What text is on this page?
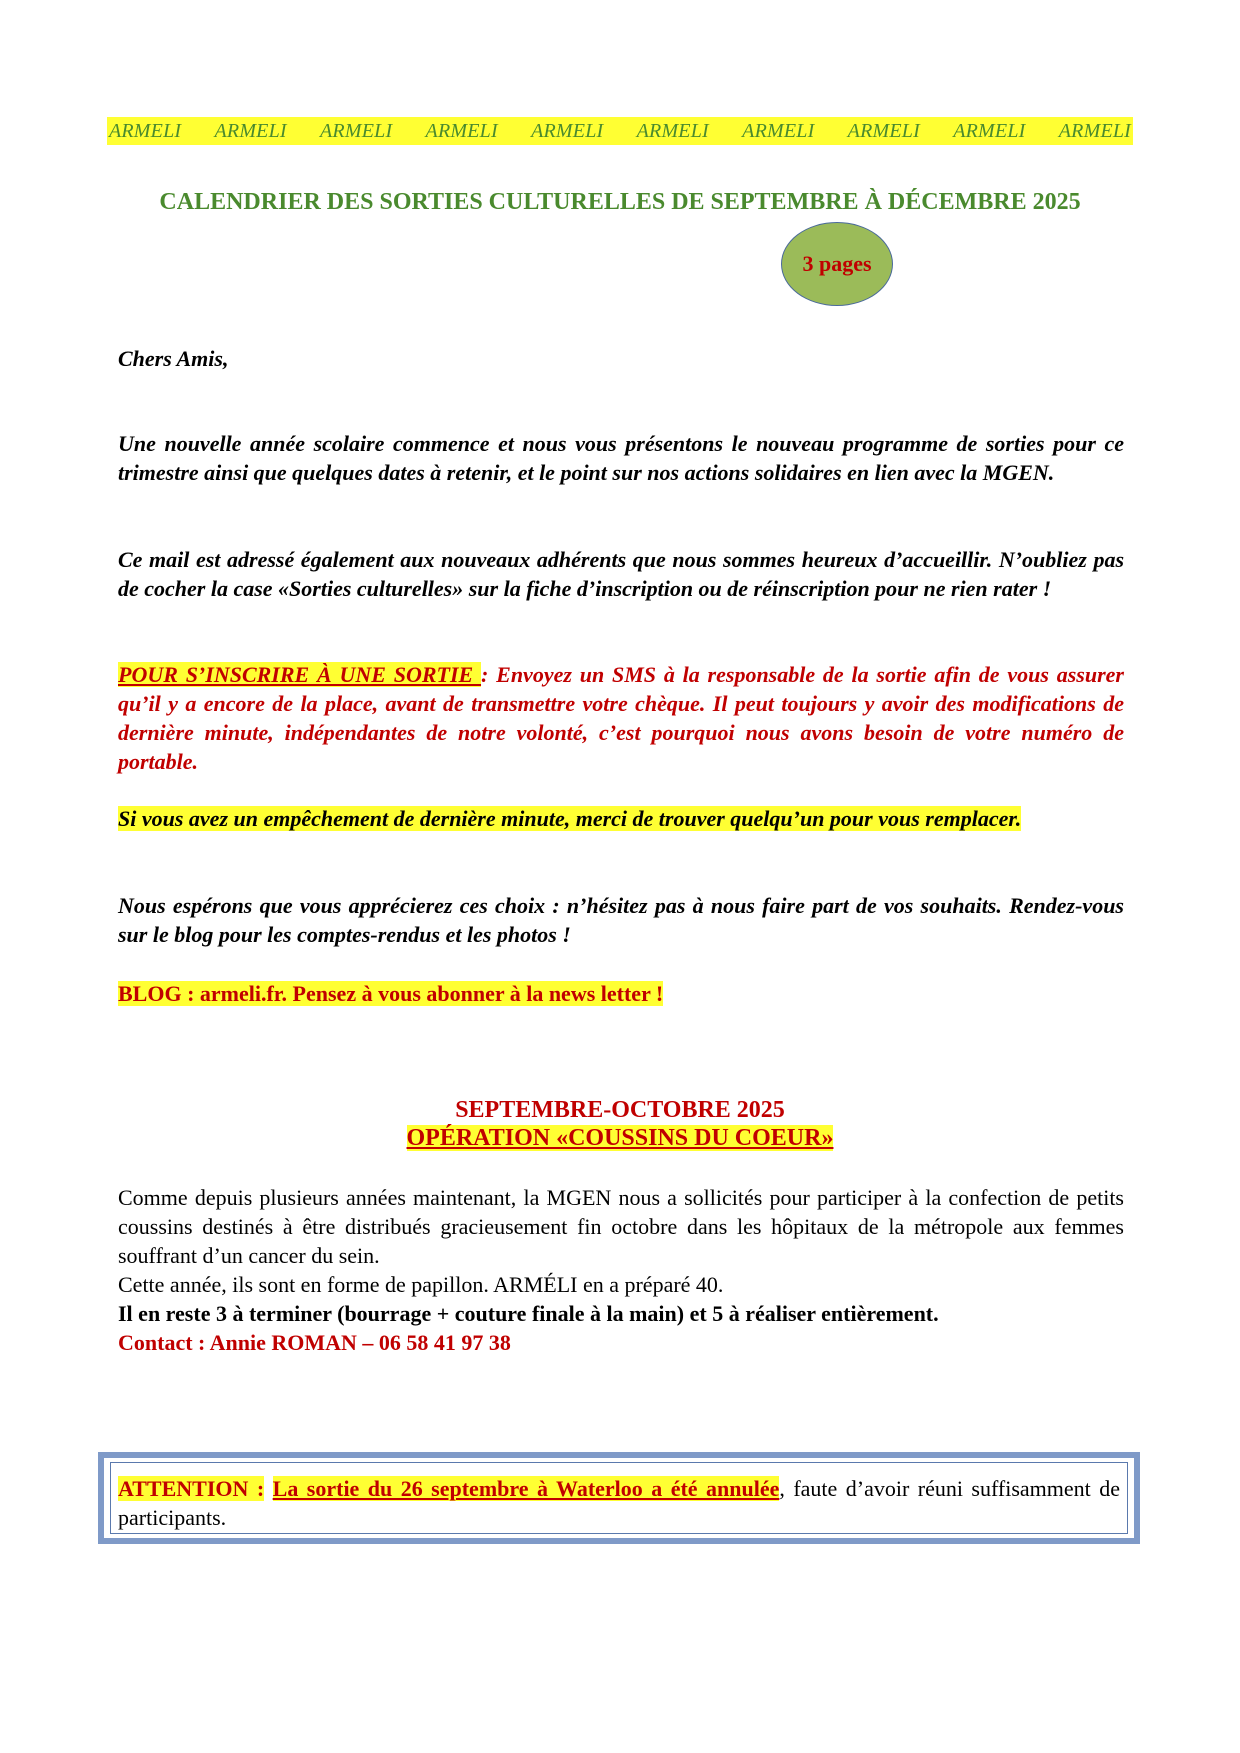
ARMELI   ARMELI   ARMELI   ARMELI   ARMELI   ARMELI   ARMELI   ARMELI   ARMELI   ARMELI
CALENDRIER DES SORTIES CULTURELLES DE SEPTEMBRE À DÉCEMBRE 2025
3 pages
Chers Amis,
Une nouvelle année scolaire commence et nous vous présentons le nouveau programme de sorties pour ce trimestre ainsi que quelques dates à retenir, et le point sur nos actions solidaires en lien avec la MGEN.
Ce mail est adressé également aux nouveaux adhérents que nous sommes heureux d’accueillir. N’oubliez pas de cocher la case «Sorties culturelles» sur la fiche d’inscription ou de réinscription pour ne rien rater !
POUR S’INSCRIRE À UNE SORTIE : Envoyez un SMS à la responsable de la sortie afin de vous assurer qu’il y a encore de la place, avant de transmettre votre chèque. Il peut toujours y avoir des modifications de dernière minute, indépendantes de notre volonté, c’est pourquoi nous avons besoin de votre numéro de portable.
Si vous avez un empêchement de dernière minute, merci de trouver quelqu’un pour vous remplacer.
Nous espérons que vous apprécierez ces choix : n’hésitez pas à nous faire part de vos souhaits. Rendez-vous sur le blog pour les comptes-rendus et les photos !
BLOG : armeli.fr. Pensez à vous abonner à la news letter !
SEPTEMBRE-OCTOBRE 2025
OPÉRATION «COUSSINS DU COEUR»
Comme depuis plusieurs années maintenant, la MGEN nous a sollicités pour participer à la confection de petits coussins destinés à être distribués gracieusement fin octobre dans les hôpitaux de la métropole aux femmes souffrant d’un cancer du sein.
Cette année, ils sont en forme de papillon. ARMÉLI en a préparé 40.
Il en reste 3 à terminer (bourrage + couture finale à la main) et 5 à réaliser entièrement.
Contact : Annie ROMAN – 06 58 41 97 38
ATTENTION : La sortie du 26 septembre à Waterloo a été annulée, faute d’avoir réuni suffisamment de participants.
